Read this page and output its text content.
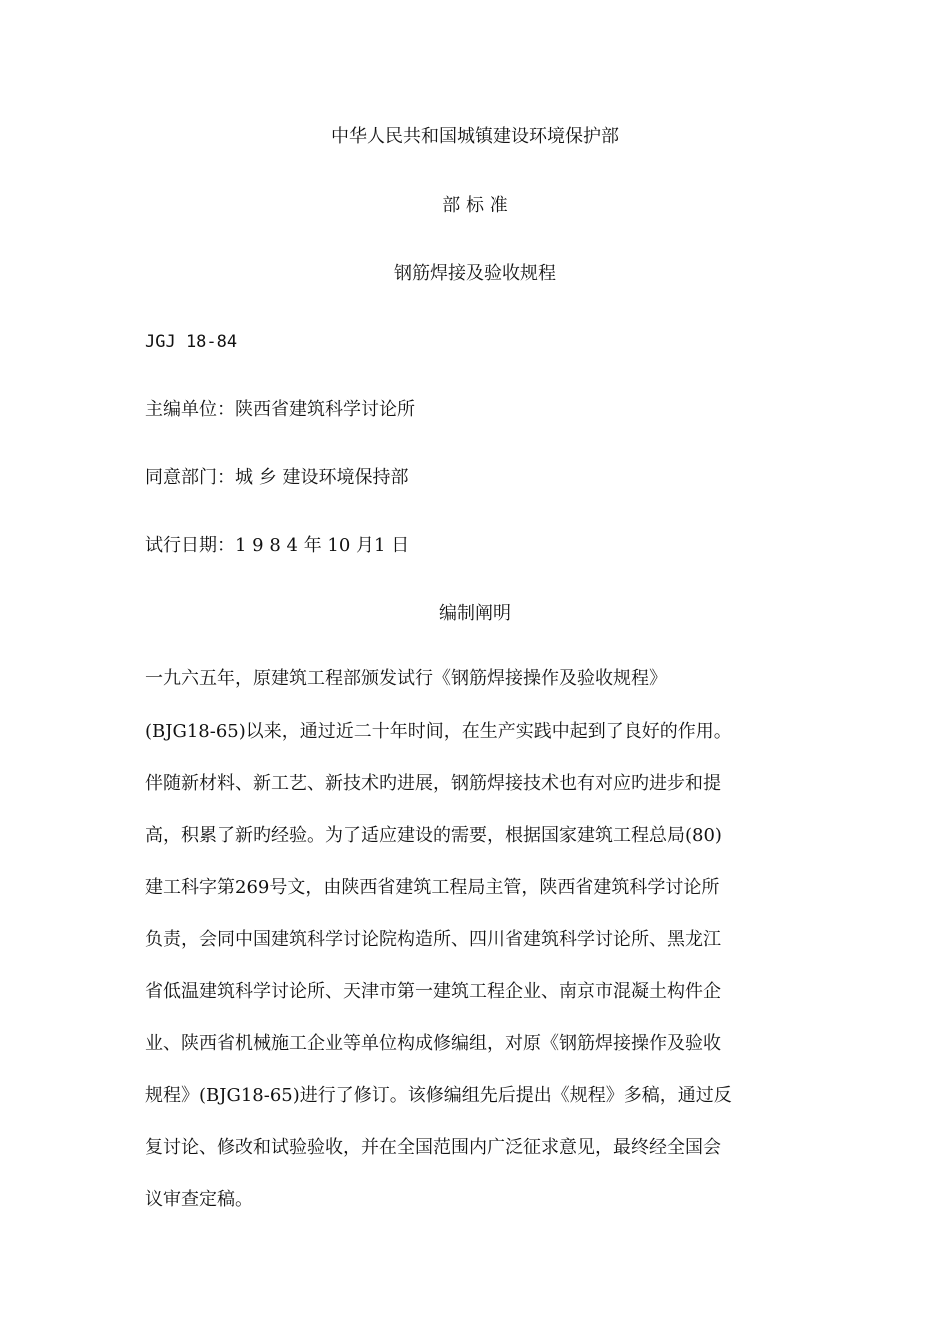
中华人民共和国城镇建设环境保护部
部 标 准
钢筋焊接及验收规程
JGJ 18-84
主编单位：陕西省建筑科学讨论所
同意部门：城 乡 建设环境保持部
试行日期：1 9 8 4 年 10 月1 日
编制阐明
一九六五年，原建筑工程部颁发试行《钢筋焊接操作及验收规程》
(BJG18-65)以来，通过近二十年时间，在生产实践中起到了良好的作用。
伴随新材料、新工艺、新技术旳进展，钢筋焊接技术也有对应旳进步和提
高，积累了新旳经验。为了适应建设的需要，根据国家建筑工程总局(80)
建工科字第269号文，由陕西省建筑工程局主管，陕西省建筑科学讨论所
负责，会同中国建筑科学讨论院构造所、四川省建筑科学讨论所、黑龙江
省低温建筑科学讨论所、天津市第一建筑工程企业、南京市混凝土构件企
业、陕西省机械施工企业等单位构成修编组，对原《钢筋焊接操作及验收
规程》(BJG18-65)进行了修订。该修编组先后提出《规程》多稿，通过反
复讨论、修改和试验验收，并在全国范围内广泛征求意见，最终经全国会
议审查定稿。
